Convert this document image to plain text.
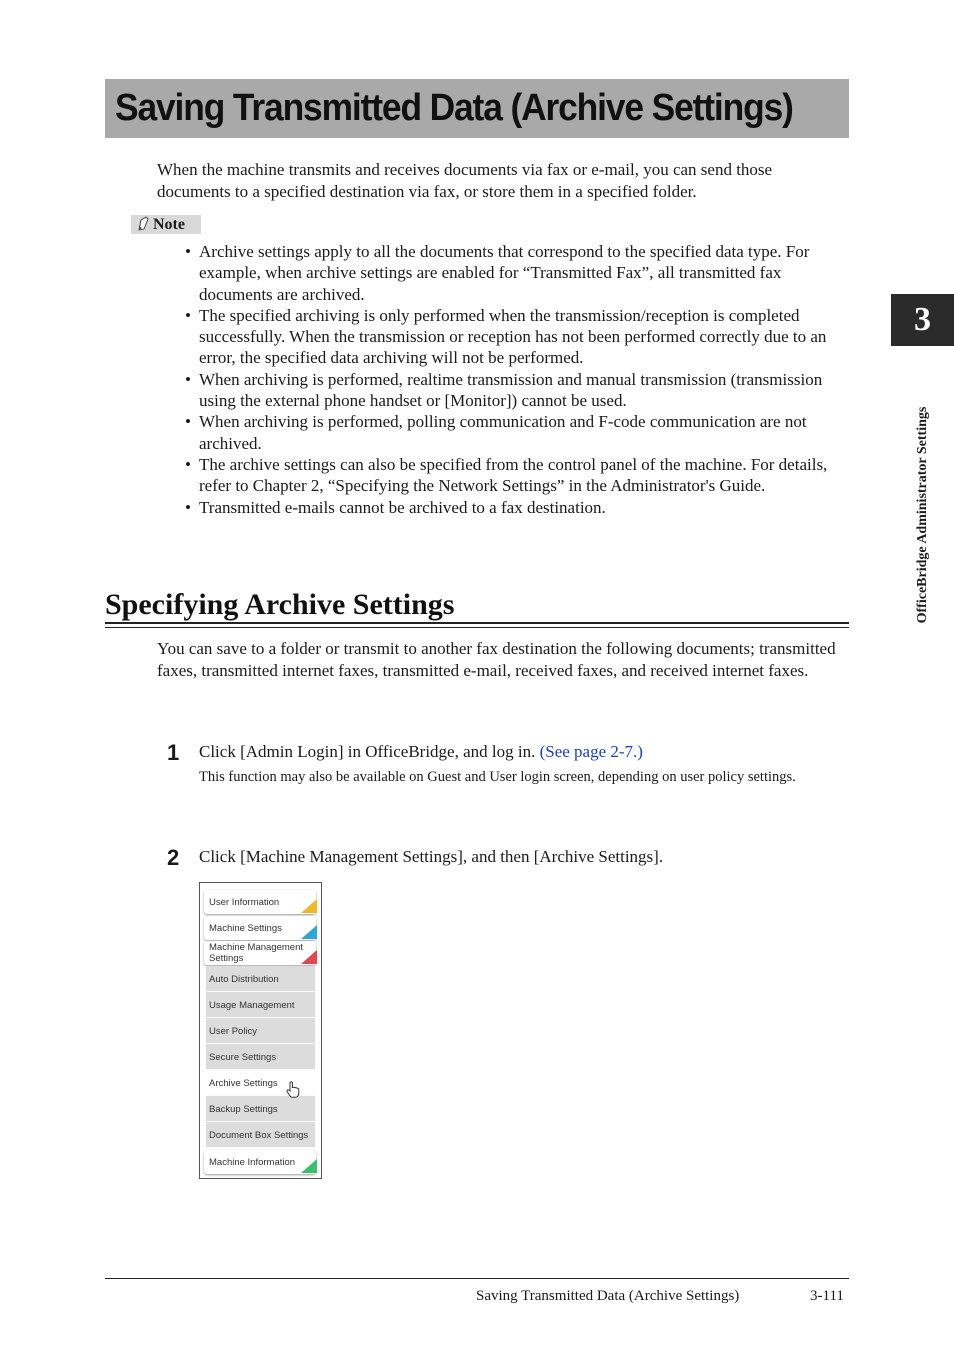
Saving Transmitted Data (Archive Settings)
When the machine transmits and receives documents via fax or e-mail, you can send those documents to a specified destination via fax, or store them in a specified folder.
Note
• Archive settings apply to all the documents that correspond to the specified data type. For example, when archive settings are enabled for “Transmitted Fax”, all transmitted fax documents are archived.
• The specified archiving is only performed when the transmission/reception is completed successfully. When the transmission or reception has not been performed correctly due to an error, the specified data archiving will not be performed.
• When archiving is performed, realtime transmission and manual transmission (transmission using the external phone handset or [Monitor]) cannot be used.
• When archiving is performed, polling communication and F-code communication are not archived.
• The archive settings can also be specified from the control panel of the machine. For details, refer to Chapter 2, “Specifying the Network Settings” in the Administrator's Guide.
• Transmitted e-mails cannot be archived to a fax destination.
Specifying Archive Settings
You can save to a folder or transmit to another fax destination the following documents; transmitted faxes, transmitted internet faxes, transmitted e-mail, received faxes, and received internet faxes.
1 Click [Admin Login] in OfficeBridge, and log in. (See page 2-7.)
This function may also be available on Guest and User login screen, depending on user policy settings.
2 Click [Machine Management Settings], and then [Archive Settings].
User Information
Machine Settings
Machine Management Settings
Auto Distribution
Usage Management
User Policy
Secure Settings
Archive Settings
Backup Settings
Document Box Settings
Machine Information
Saving Transmitted Data (Archive Settings)	3-111
3
OfficeBridge Administrator Settings
